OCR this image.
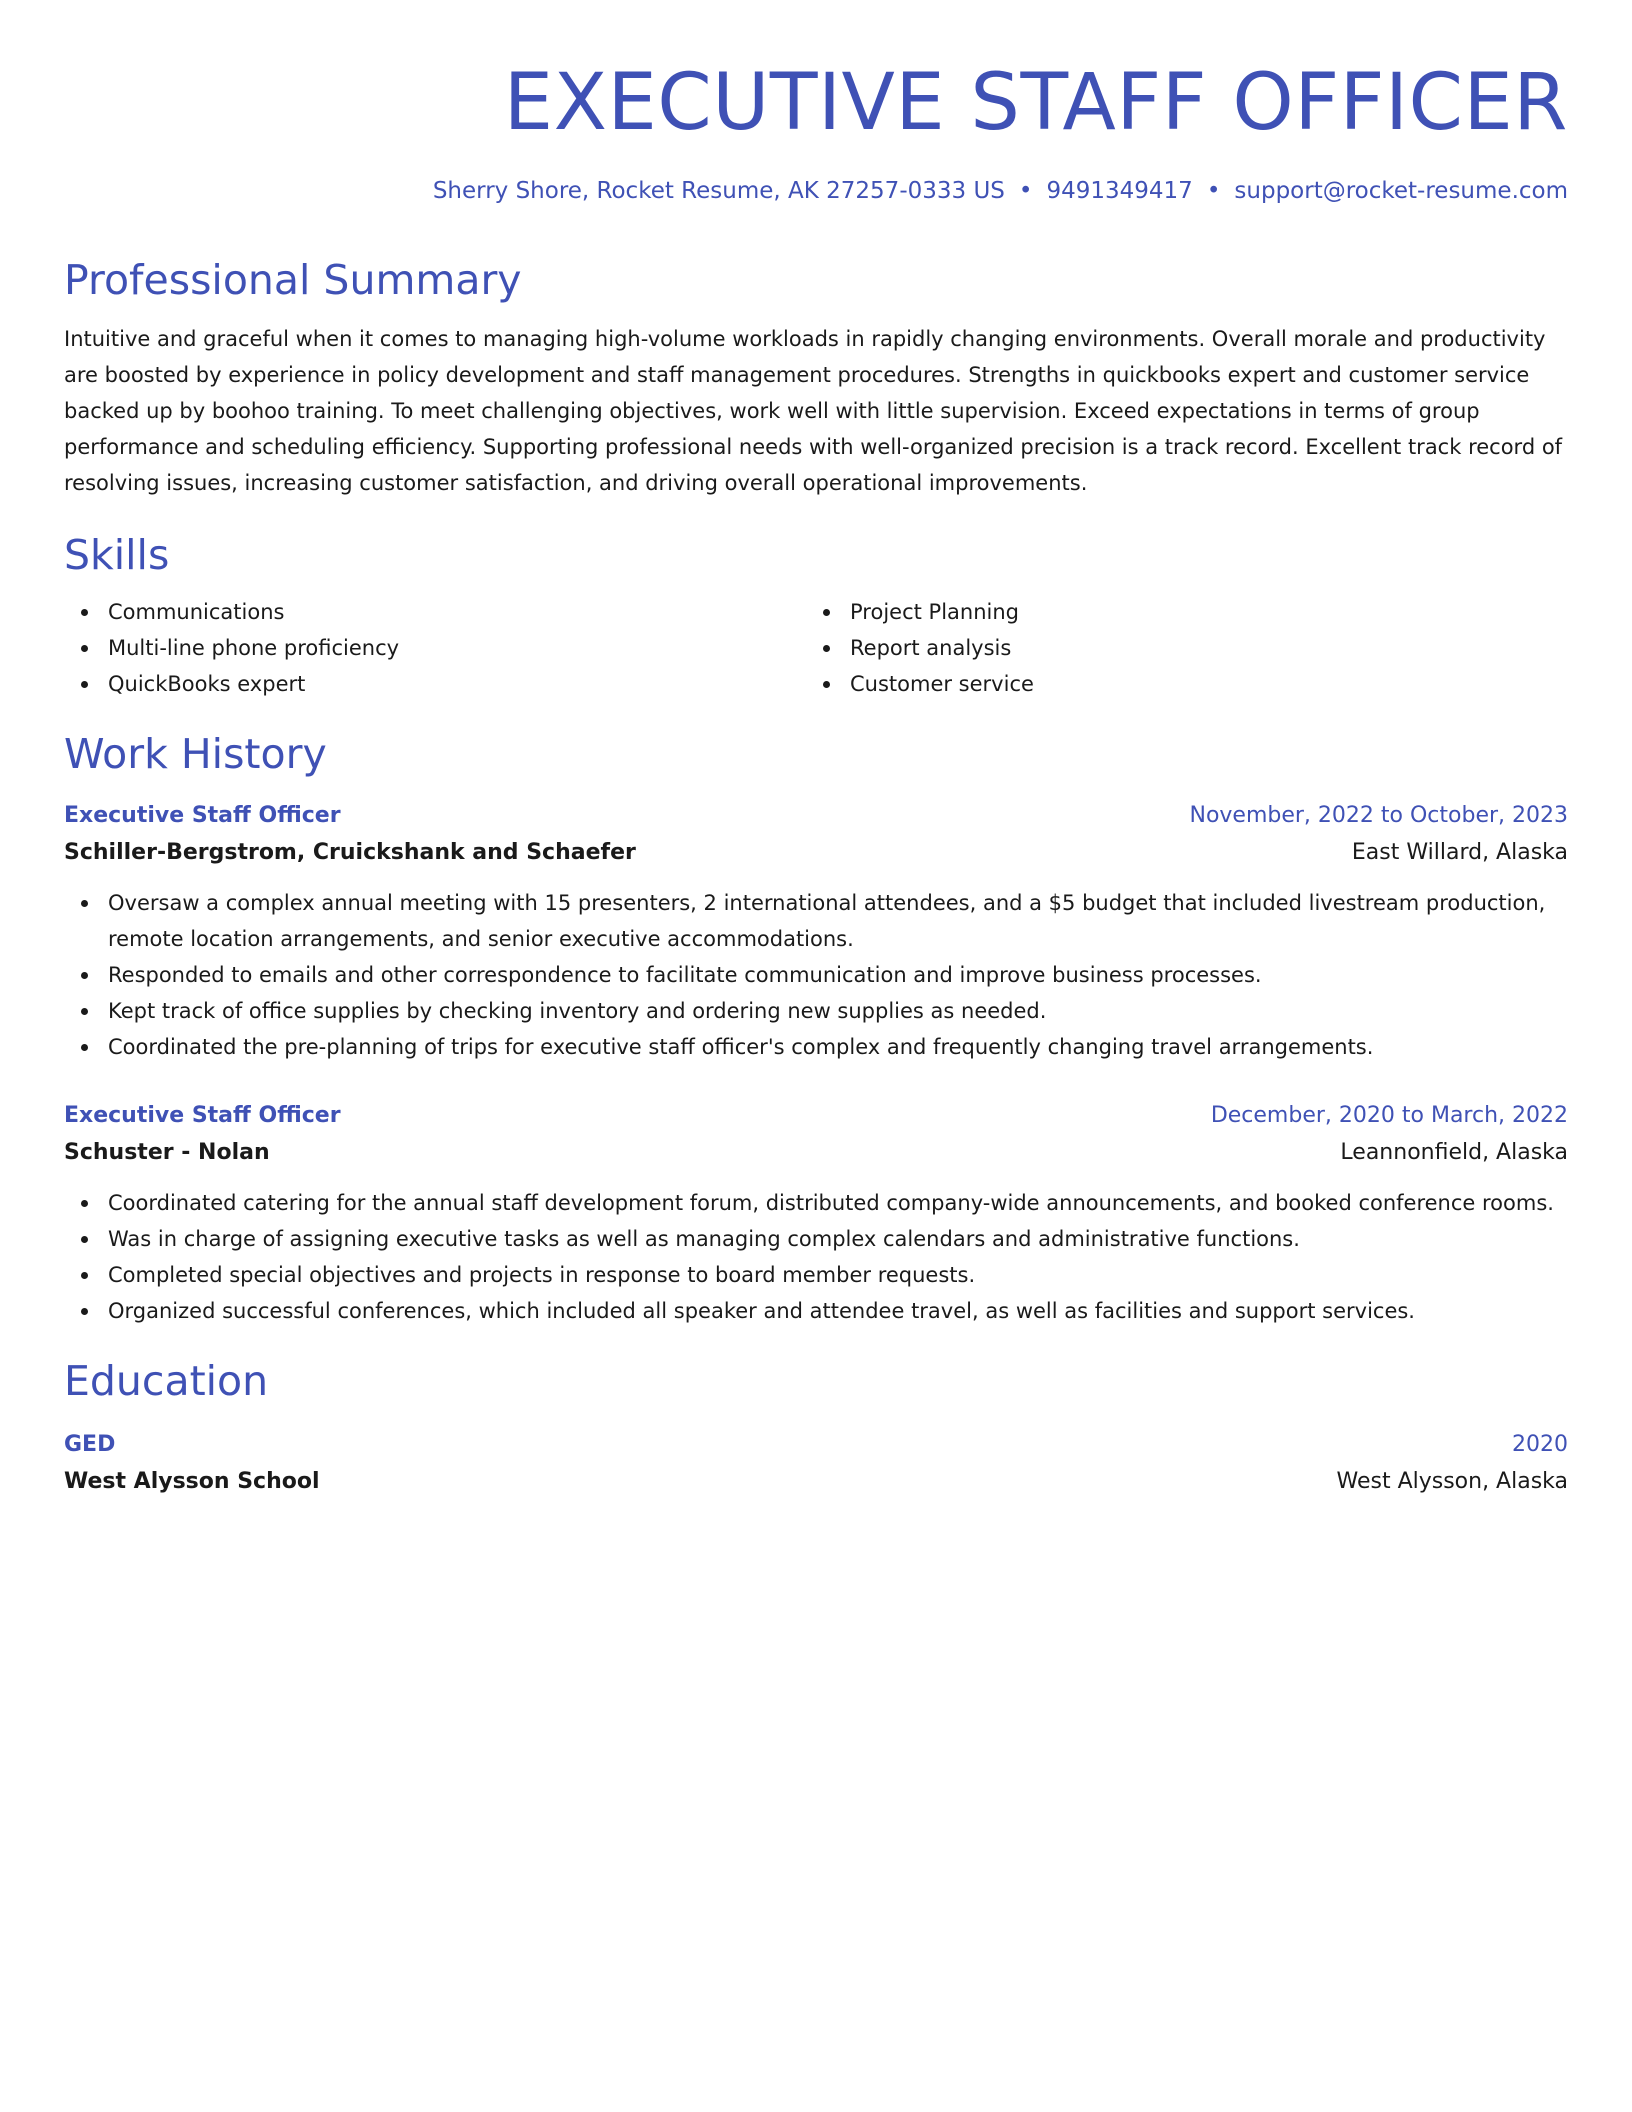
EXECUTIVE STAFF OFFICER
Sherry Shore, Rocket Resume, AK 27257-0333 US • 9491349417 • support@rocket-resume.com
Professional Summary

Intuitive and graceful when it comes to managing high-volume workloads in rapidly changing environments. Overall morale and productivity are boosted by experience in policy development and staff management procedures. Strengths in quickbooks expert and customer service backed up by boohoo training. To meet challenging objectives, work well with little supervision. Exceed expectations in terms of group performance and scheduling efficiency. Supporting professional needs with well-organized precision is a track record. Excellent track record of resolving issues, increasing customer satisfaction, and driving overall operational improvements.

Skills
Communications
Multi-line phone proficiency
QuickBooks expert
Project Planning
Report analysis
Customer service
Work History
Executive Staff Officer	November, 2022 to October, 2023
Schiller-Bergstrom, Cruickshank and Schaefer	East Willard, Alaska
Oversaw a complex annual meeting with 15 presenters, 2 international attendees, and a $5 budget that included livestream production, remote location arrangements, and senior executive accommodations.
Responded to emails and other correspondence to facilitate communication and improve business processes.
Kept track of office supplies by checking inventory and ordering new supplies as needed.
Coordinated the pre-planning of trips for executive staff officer's complex and frequently changing travel arrangements.
Executive Staff Officer	December, 2020 to March, 2022
Schuster - Nolan	Leannonfield, Alaska
Coordinated catering for the annual staff development forum, distributed company-wide announcements, and booked conference rooms.
Was in charge of assigning executive tasks as well as managing complex calendars and administrative functions.
Completed special objectives and projects in response to board member requests.
Organized successful conferences, which included all speaker and attendee travel, as well as facilities and support services.
Education
GED	2020
West Alysson School	West Alysson, Alaska
